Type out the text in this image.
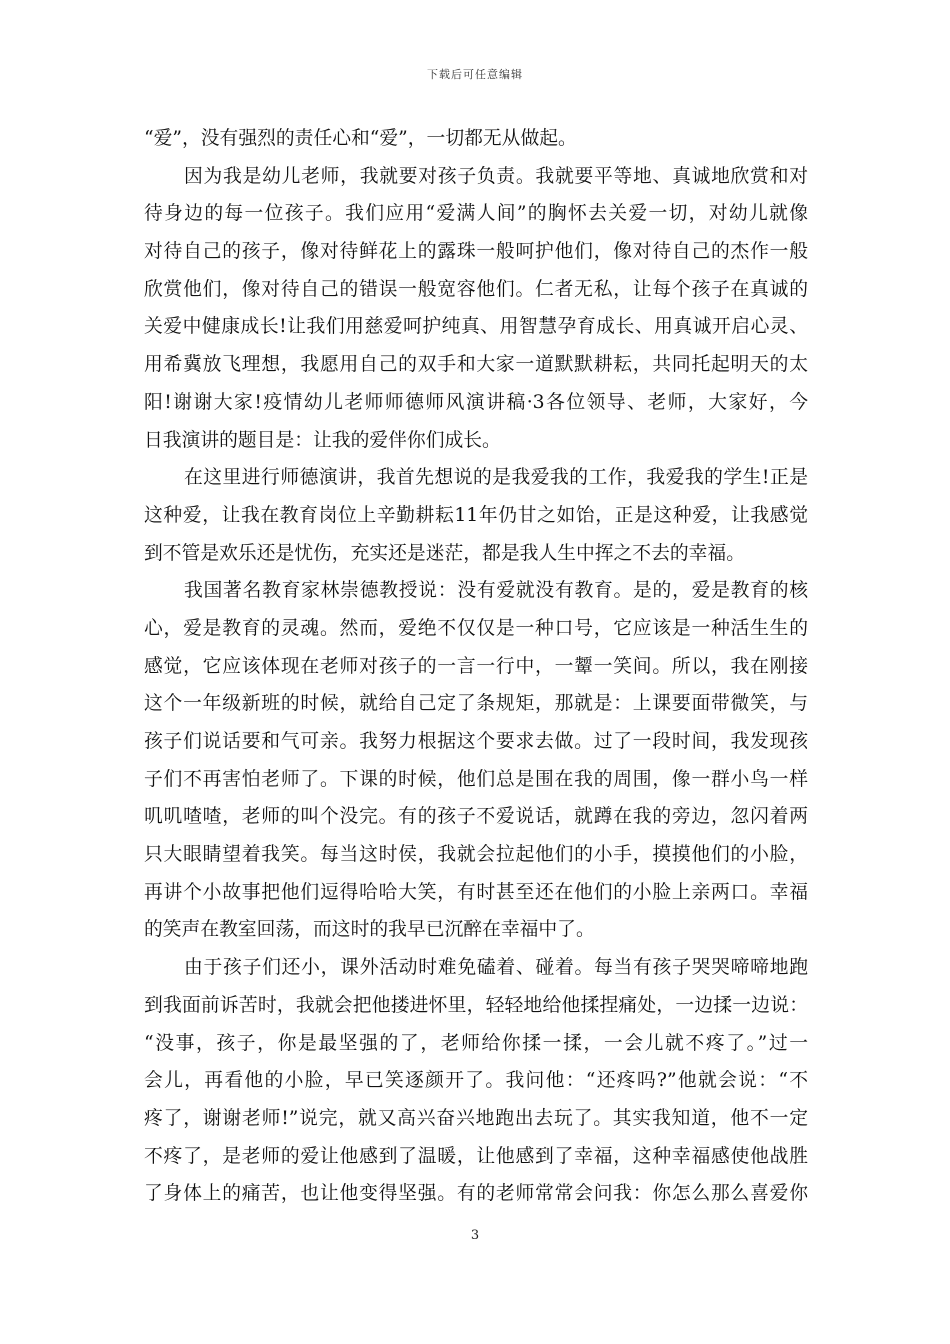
下载后可任意编辑
“爱”，没有强烈的责任心和“爱”，一切都无从做起。
因为我是幼儿老师，我就要对孩子负责。我就要平等地、真诚地欣赏和对
待身边的每一位孩子。我们应用“爱满人间”的胸怀去关爱一切，对幼儿就像
对待自己的孩子，像对待鲜花上的露珠一般呵护他们，像对待自己的杰作一般
欣赏他们，像对待自己的错误一般宽容他们。仁者无私，让每个孩子在真诚的
关爱中健康成长!让我们用慈爱呵护纯真、用智慧孕育成长、用真诚开启心灵、
用希冀放飞理想，我愿用自己的双手和大家一道默默耕耘，共同托起明天的太
阳!谢谢大家!疫情幼儿老师师德师风演讲稿·3各位领导、老师，大家好，今
日我演讲的题目是：让我的爱伴你们成长。
在这里进行师德演讲，我首先想说的是我爱我的工作，我爱我的学生!正是
这种爱，让我在教育岗位上辛勤耕耘11年仍甘之如饴，正是这种爱，让我感觉
到不管是欢乐还是忧伤，充实还是迷茫，都是我人生中挥之不去的幸福。
我国著名教育家林崇德教授说：没有爱就没有教育。是的，爱是教育的核
心，爱是教育的灵魂。然而，爱绝不仅仅是一种口号，它应该是一种活生生的
感觉，它应该体现在老师对孩子的一言一行中，一颦一笑间。所以，我在刚接
这个一年级新班的时候，就给自己定了条规矩，那就是：上课要面带微笑，与
孩子们说话要和气可亲。我努力根据这个要求去做。过了一段时间，我发现孩
子们不再害怕老师了。下课的时候，他们总是围在我的周围，像一群小鸟一样
叽叽喳喳，老师的叫个没完。有的孩子不爱说话，就蹲在我的旁边，忽闪着两
只大眼睛望着我笑。每当这时侯，我就会拉起他们的小手，摸摸他们的小脸，
再讲个小故事把他们逗得哈哈大笑，有时甚至还在他们的小脸上亲两口。幸福
的笑声在教室回荡，而这时的我早已沉醉在幸福中了。
由于孩子们还小，课外活动时难免磕着、碰着。每当有孩子哭哭啼啼地跑
到我面前诉苦时，我就会把他搂进怀里，轻轻地给他揉捏痛处，一边揉一边说：
“没事，孩子，你是最坚强的了，老师给你揉一揉，一会儿就不疼了。”过一
会儿，再看他的小脸，早已笑逐颜开了。我问他：“还疼吗?”他就会说：“不
疼了，谢谢老师!”说完，就又高兴奋兴地跑出去玩了。其实我知道，他不一定
不疼了，是老师的爱让他感到了温暖，让他感到了幸福，这种幸福感使他战胜
了身体上的痛苦，也让他变得坚强。有的老师常常会问我：你怎么那么喜爱你
3
